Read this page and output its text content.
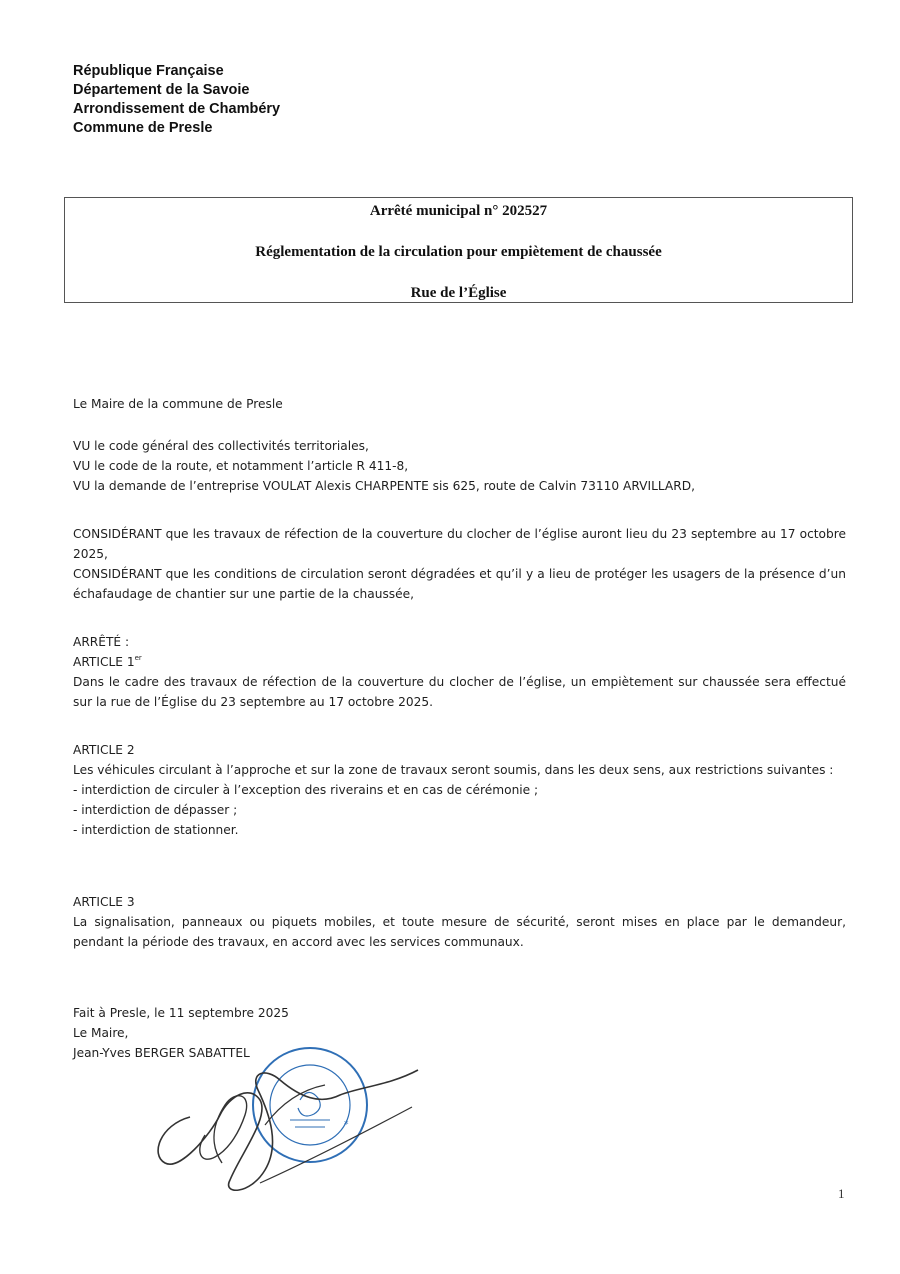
République Française
Département de la Savoie
Arrondissement de Chambéry
Commune de Presle
Arrêté municipal n° 202527
Réglementation de la circulation pour empiètement de chaussée
Rue de l’Église
Le Maire de la commune de Presle
VU le code général des collectivités territoriales,
VU le code de la route, et notamment l’article R 411-8,
VU la demande de l’entreprise VOULAT Alexis CHARPENTE sis 625, route de Calvin 73110 ARVILLARD,
CONSIDÉRANT que les travaux de réfection de la couverture du clocher de l’église auront lieu du 23 septembre au 17 octobre 2025,
CONSIDÉRANT que les conditions de circulation seront dégradées et qu’il y a lieu de protéger les usagers de la présence d’un échafaudage de chantier sur une partie de la chaussée,
ARRÊTÉ :
ARTICLE 1er
Dans le cadre des travaux de réfection de la couverture du clocher de l’église, un empiètement sur chaussée sera effectué sur la rue de l’Église du 23 septembre au 17 octobre 2025.
ARTICLE 2
Les véhicules circulant à l’approche et sur la zone de travaux seront soumis, dans les deux sens, aux restrictions suivantes :
- interdiction de circuler à l’exception des riverains et en cas de cérémonie ;
- interdiction de dépasser ;
- interdiction de stationner.
ARTICLE 3
La signalisation, panneaux ou piquets mobiles, et toute mesure de sécurité, seront mises en place par le demandeur, pendant la période des travaux, en accord avec les services communaux.
Fait à Presle, le 11 septembre 2025
Le Maire,
Jean-Yves BERGER SABATTEL
*
1
